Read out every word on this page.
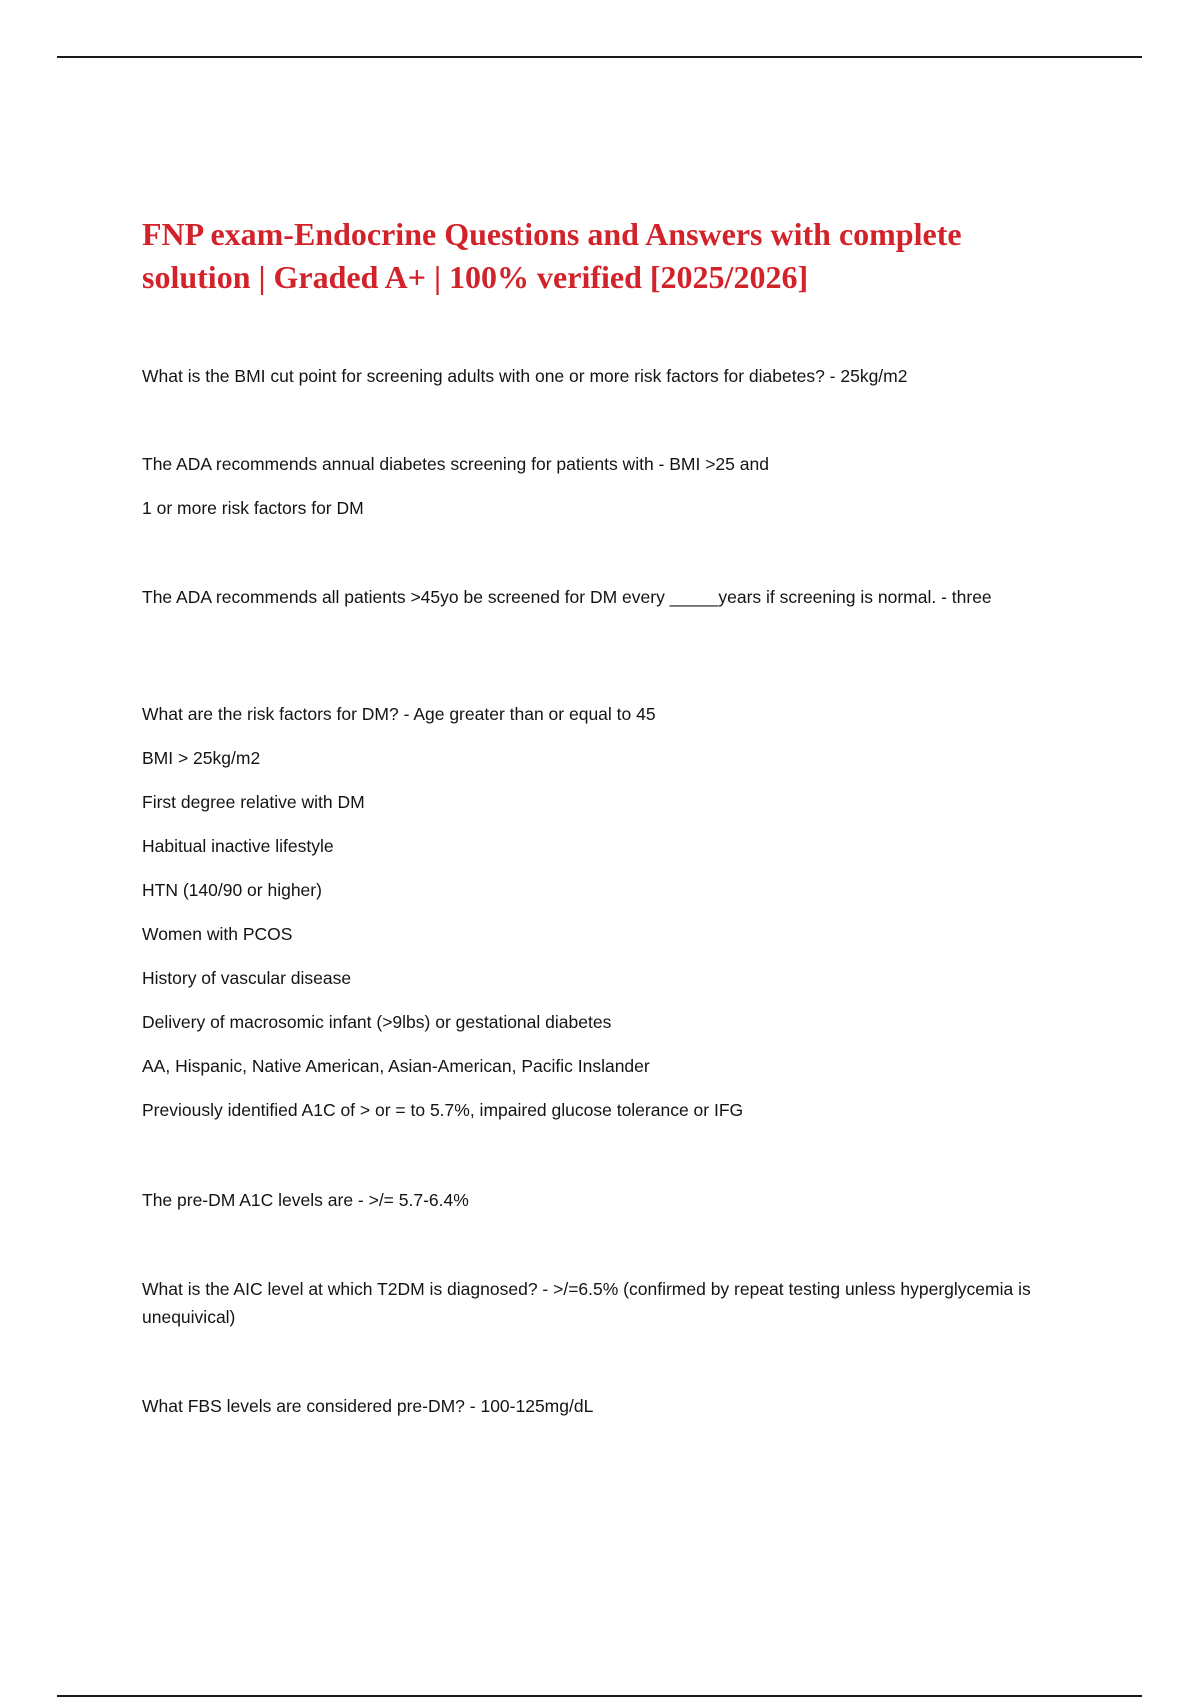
FNP exam-Endocrine Questions and Answers with complete solution | Graded A+ | 100% verified [2025/2026]

What is the BMI cut point for screening adults with one or more risk factors for diabetes? - 25kg/m2

The ADA recommends annual diabetes screening for patients with - BMI >25 and

1 or more risk factors for DM

The ADA recommends all patients >45yo be screened for DM every _____years if screening is normal. - three

What are the risk factors for DM? - Age greater than or equal to 45

BMI > 25kg/m2

First degree relative with DM

Habitual inactive lifestyle

HTN (140/90 or higher)

Women with PCOS

History of vascular disease

Delivery of macrosomic infant (>9lbs) or gestational diabetes

AA, Hispanic, Native American, Asian-American, Pacific Inslander

Previously identified A1C of > or = to 5.7%, impaired glucose tolerance or IFG

The pre-DM A1C levels are - >/= 5.7-6.4%

What is the AIC level at which T2DM is diagnosed? - >/=6.5% (confirmed by repeat testing unless hyperglycemia is unequivical)

What FBS levels are considered pre-DM? - 100-125mg/dL
